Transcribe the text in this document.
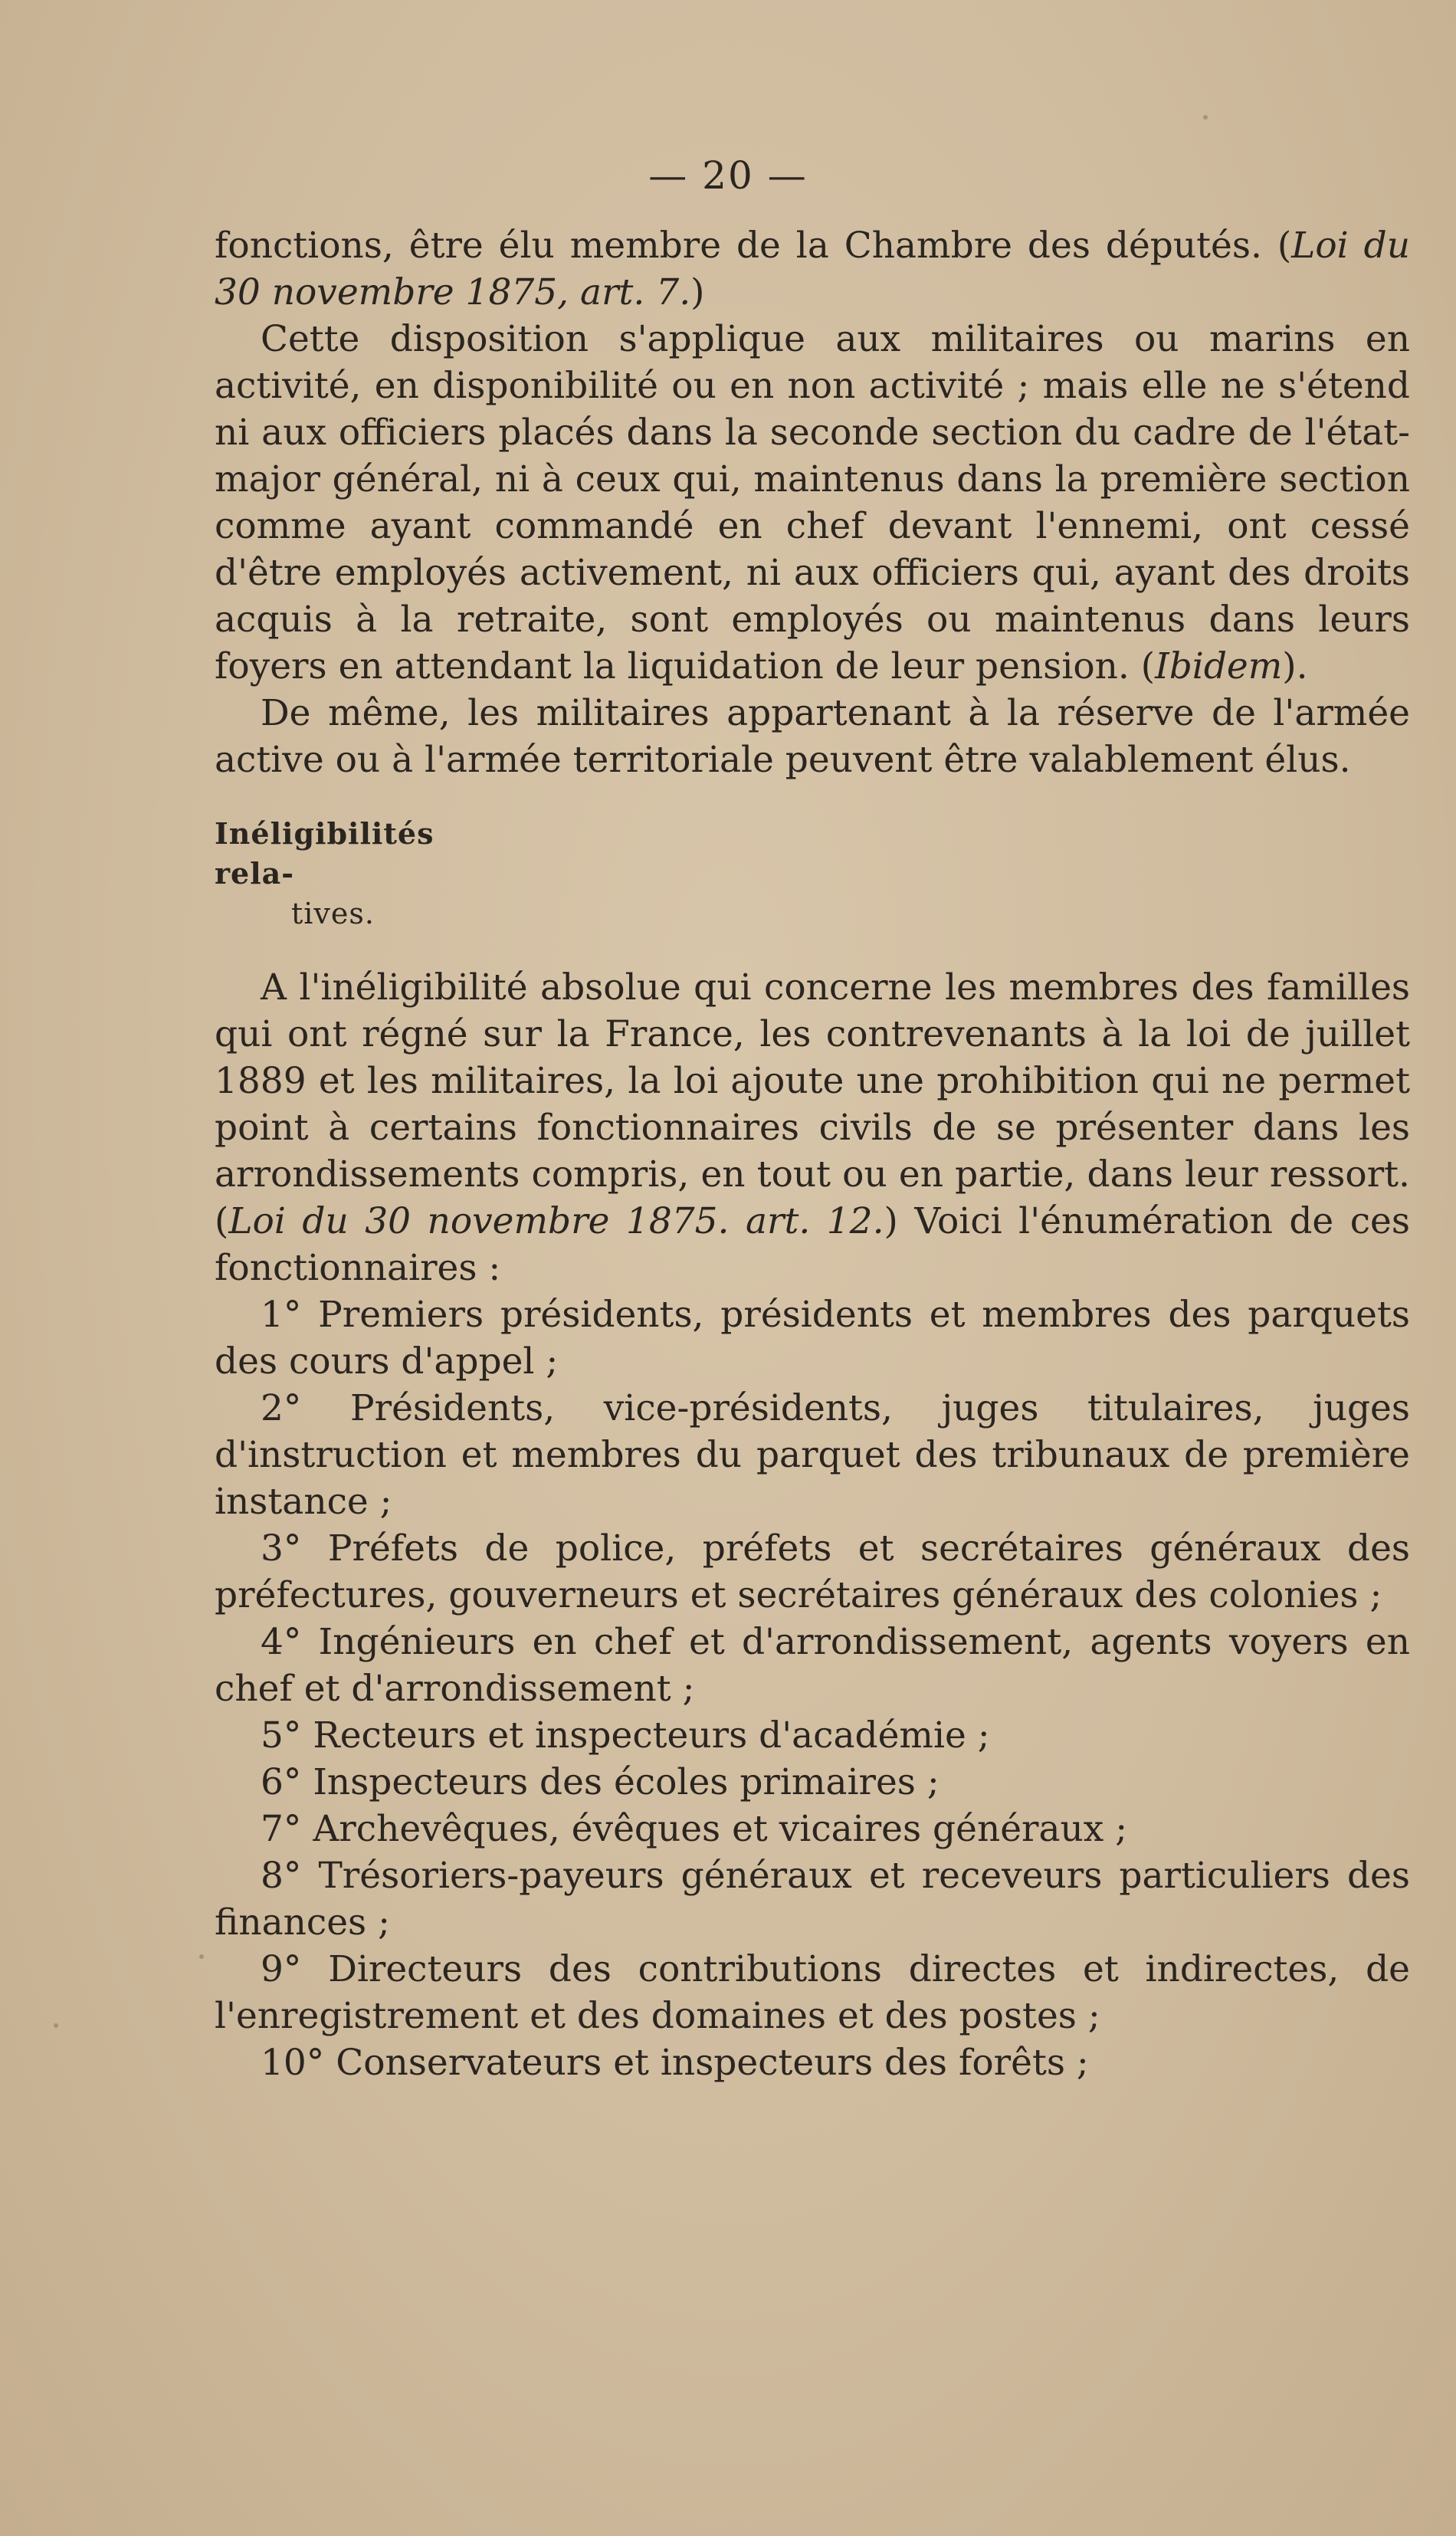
— 20 —

fonctions, être élu membre de la Chambre des députés. (Loi du 30 novembre 1875, art. 7.)

Cette disposition s'applique aux militaires ou marins en activité, en disponibilité ou en non activité ; mais elle ne s'étend ni aux officiers placés dans la seconde section du cadre de l'état-major général, ni à ceux qui, maintenus dans la première section comme ayant commandé en chef devant l'ennemi, ont cessé d'être employés activement, ni aux officiers qui, ayant des droits acquis à la retraite, sont employés ou maintenus dans leurs foyers en attendant la liquidation de leur pension. (Ibidem).

De même, les militaires appartenant à la réserve de l'armée active ou à l'armée territoriale peuvent être valablement élus.

Inéligibilités rela-
tives.

A l'inéligibilité absolue qui concerne les membres des familles qui ont régné sur la France, les contrevenants à la loi de juillet 1889 et les militaires, la loi ajoute une prohibition qui ne permet point à certains fonctionnaires civils de se présenter dans les arrondissements compris, en tout ou en partie, dans leur ressort. (Loi du 30 novembre 1875. art. 12.) Voici l'énumération de ces fonctionnaires :

1° Premiers présidents, présidents et membres des parquets des cours d'appel ;

2° Présidents, vice-présidents, juges titulaires, juges d'instruction et membres du parquet des tribunaux de première instance ;

3° Préfets de police, préfets et secrétaires généraux des préfectures, gouverneurs et secrétaires généraux des colonies ;

4° Ingénieurs en chef et d'arrondissement, agents voyers en chef et d'arrondissement ;

5° Recteurs et inspecteurs d'académie ;

6° Inspecteurs des écoles primaires ;

7° Archevêques, évêques et vicaires généraux ;

8° Trésoriers-payeurs généraux et receveurs particuliers des finances ;

9° Directeurs des contributions directes et indirectes, de l'enregistrement et des domaines et des postes ;

10° Conservateurs et inspecteurs des forêts ;
